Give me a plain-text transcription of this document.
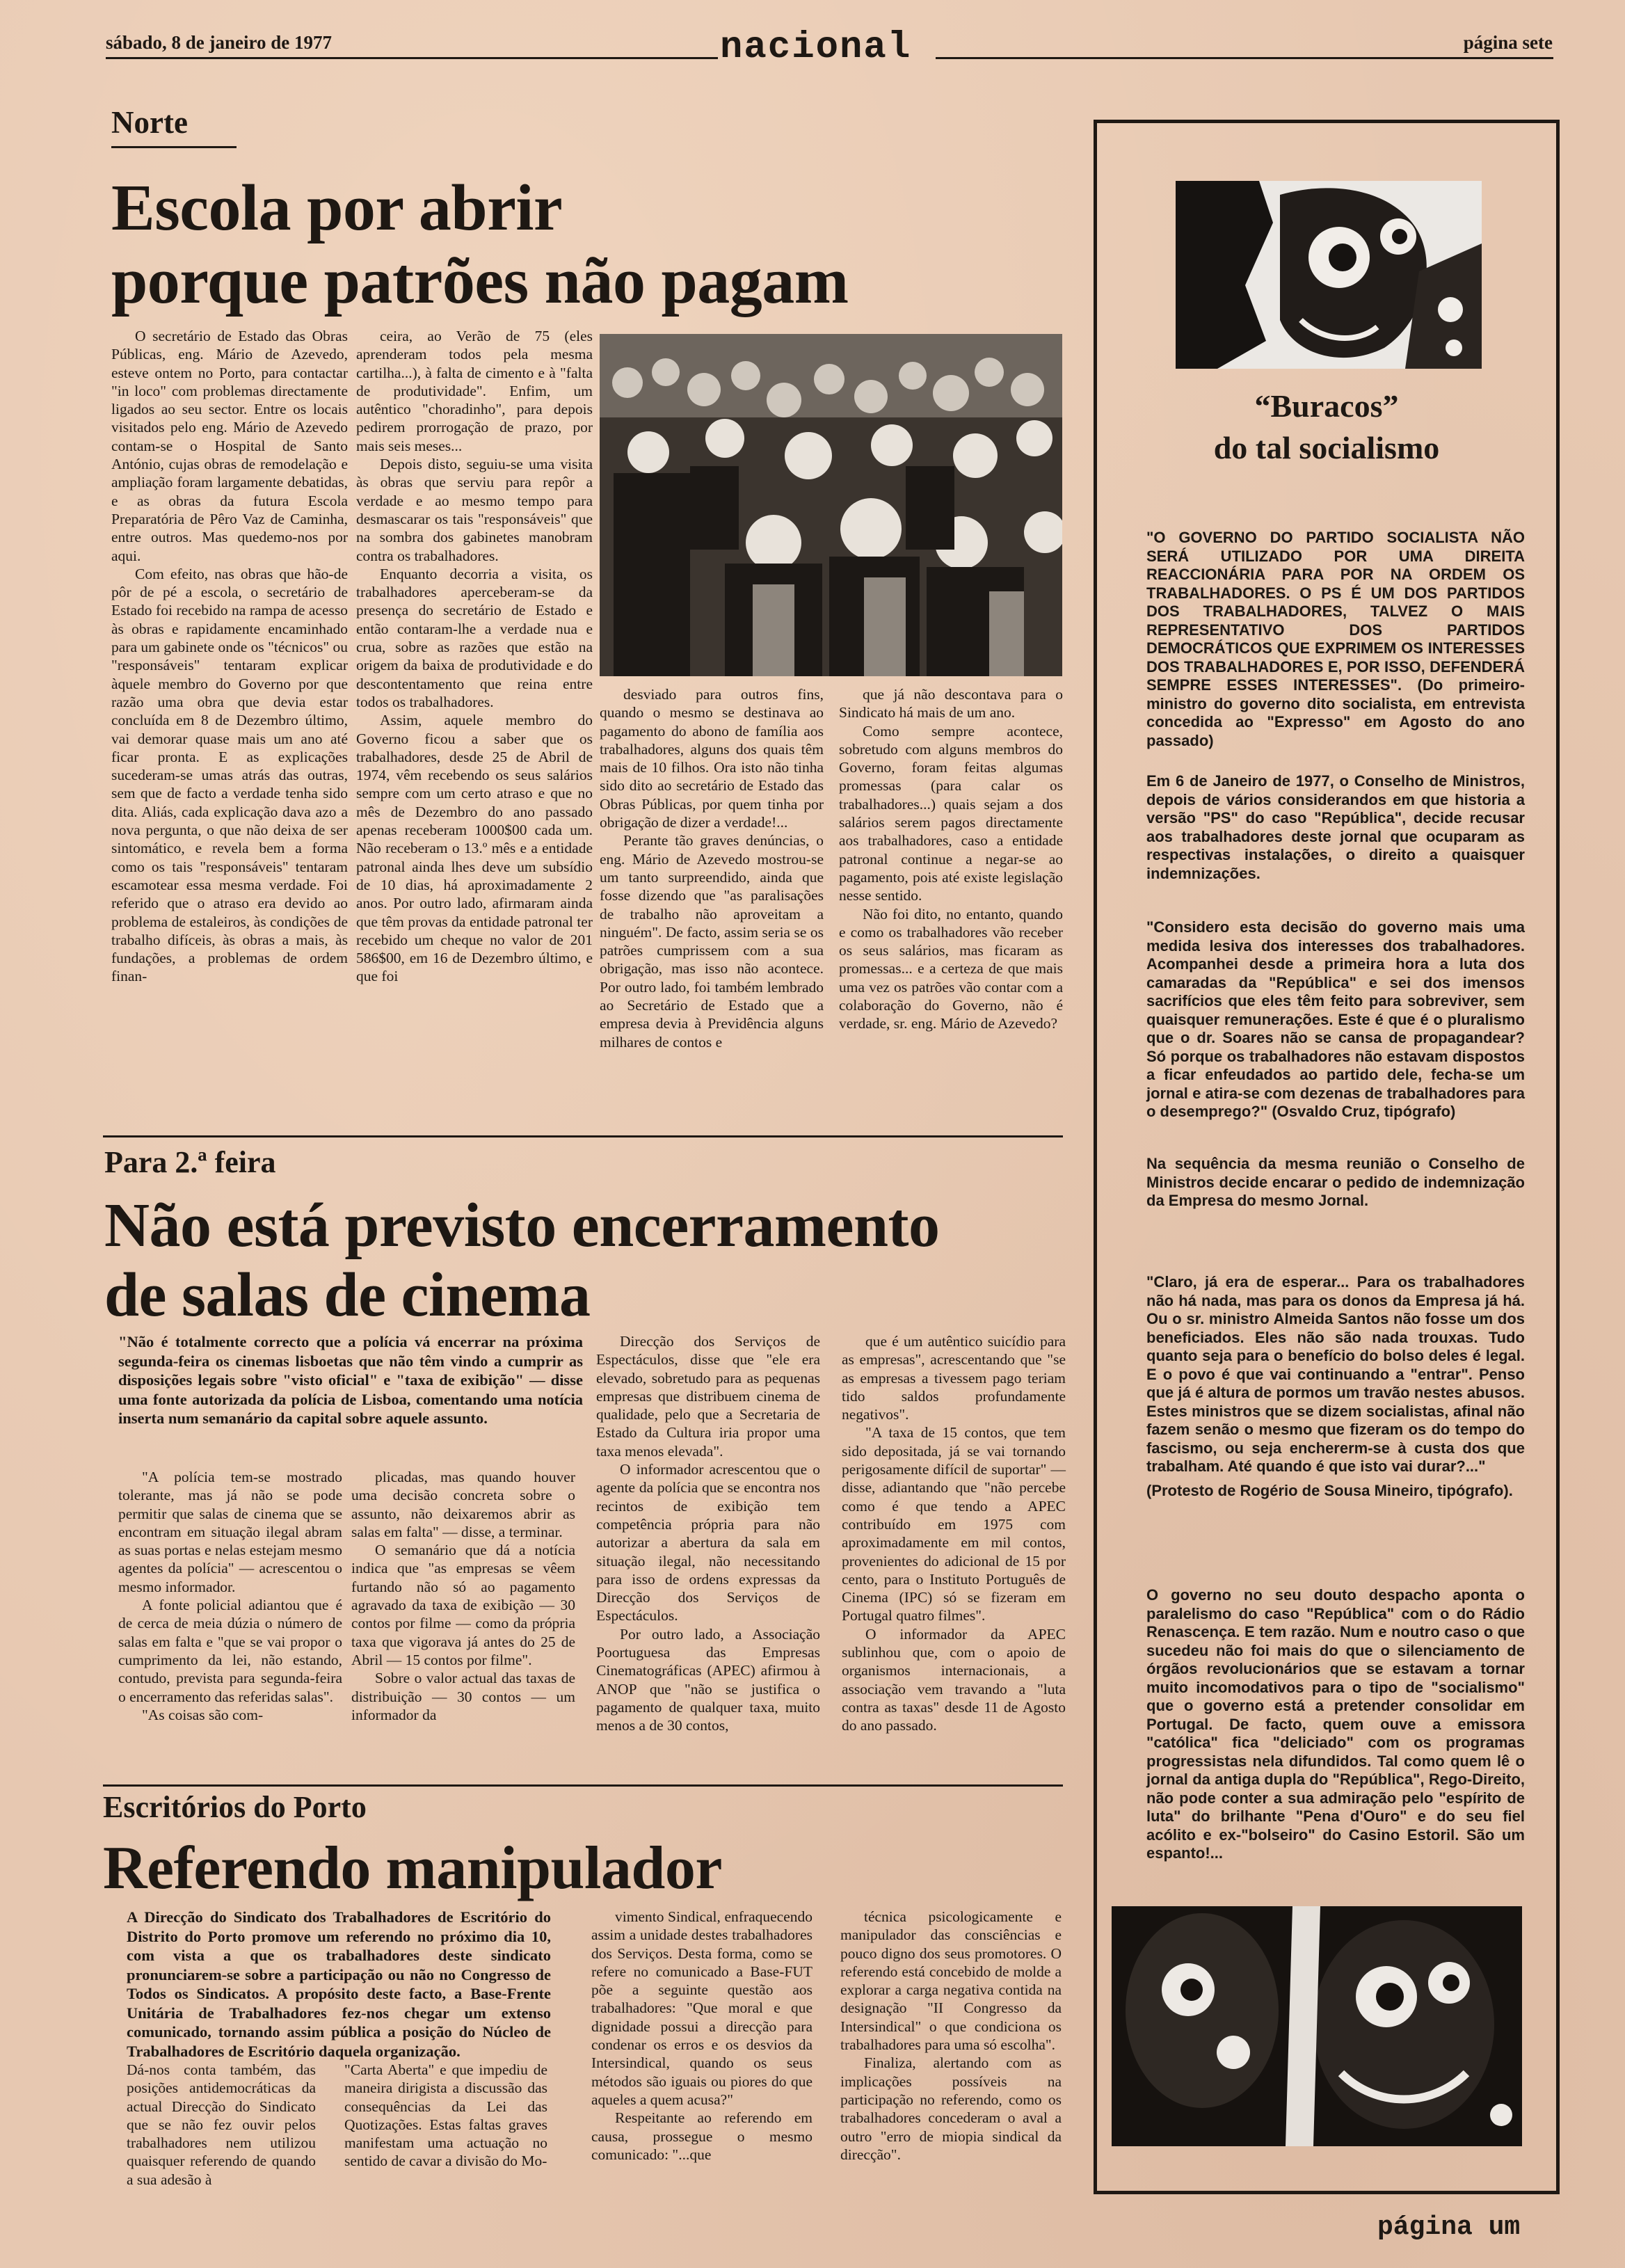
sábado, 8 de janeiro de 1977	nacional	página sete
Norte
Escola por abrir
porque patrões não pagam

O secretário de Estado das Obras Públicas, eng. Mário de Azevedo, esteve ontem no Porto, para contactar "in loco" com problemas directamente ligados ao seu sector. Entre os locais visitados pelo eng. Mário de Azevedo contam-se o Hospital de Santo António, cujas obras de remodelação e ampliação foram largamente debatidas, e as obras da futura Escola Preparatória de Pêro Vaz de Caminha, entre outros. Mas quedemo-nos por aqui.

Com efeito, nas obras que hão-de pôr de pé a escola, o secretário de Estado foi recebido na rampa de acesso às obras e rapidamente encaminhado para um gabinete onde os "técnicos" ou "responsáveis" tentaram explicar àquele membro do Governo por que razão uma obra que devia estar concluída em 8 de Dezembro último, vai demorar quase mais um ano até ficar pronta. E as explicações sucederam-se umas atrás das outras, sem que de facto a verdade tenha sido dita. Aliás, cada explicação dava azo a nova pergunta, o que não deixa de ser sintomático, e revela bem a forma como os tais "responsáveis" tentaram escamotear essa mesma verdade. Foi referido que o atraso era devido ao problema de estaleiros, às condições de trabalho difíceis, às obras a mais, às fundações, a problemas de ordem finan-

ceira, ao Verão de 75 (eles aprenderam todos pela mesma cartilha...), à falta de cimento e à "falta de produtividade". Enfim, um autêntico "choradinho", para depois pedirem prorrogação de prazo, por mais seis meses...

Depois disto, seguiu-se uma visita às obras que serviu para repôr a verdade e ao mesmo tempo para desmascarar os tais "responsáveis" que na sombra dos gabinetes manobram contra os trabalhadores.

Enquanto decorria a visita, os trabalhadores aperceberam-se da presença do secretário de Estado e então contaram-lhe a verdade nua e crua, sobre as razões que estão na origem da baixa de produtividade e do descontentamento que reina entre todos os trabalhadores.

Assim, aquele membro do Governo ficou a saber que os trabalhadores, desde 25 de Abril de 1974, vêm recebendo os seus salários sempre com um certo atraso e que no mês de Dezembro do ano passado apenas receberam 1000$00 cada um. Não receberam o 13.º mês e a entidade patronal ainda lhes deve um subsídio de 10 dias, há aproximadamente 2 anos. Por outro lado, afirmaram ainda que têm provas da entidade patronal ter recebido um cheque no valor de 201 586$00, em 16 de Dezembro último, e que foi

desviado para outros fins, quando o mesmo se destinava ao pagamento do abono de família aos trabalhadores, alguns dos quais têm mais de 10 filhos. Ora isto não tinha sido dito ao secretário de Estado das Obras Públicas, por quem tinha por obrigação de dizer a verdade!...

Perante tão graves denúncias, o eng. Mário de Azevedo mostrou-se um tanto surpreendido, ainda que fosse dizendo que "as paralisações de trabalho não aproveitam a ninguém". De facto, assim seria se os patrões cumprissem com a sua obrigação, mas isso não acontece. Por outro lado, foi também lembrado ao Secretário de Estado que a empresa devia à Previdência alguns milhares de contos e

que já não descontava para o Sindicato há mais de um ano.

Como sempre acontece, sobretudo com alguns membros do Governo, foram feitas algumas promessas (para calar os trabalhadores...) quais sejam a dos salários serem pagos directamente aos trabalhadores, caso a entidade patronal continue a negar-se ao pagamento, pois até existe legislação nesse sentido.

Não foi dito, no entanto, quando e como os trabalhadores vão receber os seus salários, mas ficaram as promessas... e a certeza de que mais uma vez os patrões vão contar com a colaboração do Governo, não é verdade, sr. eng. Mário de Azevedo?

Para 2.ª feira
Não está previsto encerramento
de salas de cinema
"Não é totalmente correcto que a polícia vá encerrar na próxima segunda-feira os cinemas lisboetas que não têm vindo a cumprir as disposições legais sobre "visto oficial" e "taxa de exibição" — disse uma fonte autorizada da polícia de Lisboa, comentando uma notícia inserta num semanário da capital sobre aquele assunto.

"A polícia tem-se mostrado tolerante, mas já não se pode permitir que salas de cinema que se encontram em situação ilegal abram as suas portas e nelas estejam mesmo agentes da polícia" — acrescentou o mesmo informador.

A fonte policial adiantou que é de cerca de meia dúzia o número de salas em falta e "que se vai propor o cumprimento da lei, não estando, contudo, prevista para segunda-feira o encerramento das referidas salas".

"As coisas são com-

plicadas, mas quando houver uma decisão concreta sobre o assunto, não deixaremos abrir as salas em falta" — disse, a terminar.

O semanário que dá a notícia indica que "as empresas se vêem furtando não só ao pagamento agravado da taxa de exibição — 30 contos por filme — como da própria taxa que vigorava já antes do 25 de Abril — 15 contos por filme".

Sobre o valor actual das taxas de distribuição — 30 contos — um informador da

Direcção dos Serviços de Espectáculos, disse que "ele era elevado, sobretudo para as pequenas empresas que distribuem cinema de qualidade, pelo que a Secretaria de Estado da Cultura iria propor uma taxa menos elevada".

O informador acrescentou que o agente da polícia que se encontra nos recintos de exibição tem competência própria para não autorizar a abertura da sala em situação ilegal, não necessitando para isso de ordens expressas da Direcção dos Serviços de Espectáculos.

Por outro lado, a Associação Poortuguesa das Empresas Cinematográficas (APEC) afirmou à ANOP que "não se justifica o pagamento de qualquer taxa, muito menos a de 30 contos,

que é um autêntico suicídio para as empresas", acrescentando que "se as empresas a tivessem pago teriam tido saldos profundamente negativos".

"A taxa de 15 contos, que tem sido depositada, já se vai tornando perigosamente difícil de suportar" — disse, adiantando que "não percebe como é que tendo a APEC contribuído em 1975 com aproximadamente em mil contos, provenientes do adicional de 15 por cento, para o Instituto Português de Cinema (IPC) só se fizeram em Portugal quatro filmes".

O informador da APEC sublinhou que, com o apoio de organismos internacionais, a associação vem travando a "luta contra as taxas" desde 11 de Agosto do ano passado.

Escritórios do Porto
Referendo manipulador
A Direcção do Sindicato dos Trabalhadores de Escritório do Distrito do Porto promove um referendo no próximo dia 10, com vista a que os trabalhadores deste sindicato pronunciarem-se sobre a participação ou não no Congresso de Todos os Sindicatos. A propósito deste facto, a Base-Frente Unitária de Trabalhadores fez-nos chegar um extenso comunicado, tornando assim pública a posição do Núcleo de Trabalhadores de Escritório daquela organização.
Dá-nos conta também, das posições antidemocráticas da actual Direcção do Sindicato que se não fez ouvir pelos trabalhadores nem utilizou quaisquer referendo de quando a sua adesão à
"Carta Aberta" e que impediu de maneira dirigista a discussão das consequências da Lei das Quotizações. Estas faltas graves manifestam uma actuação no sentido de cavar a divisão do Mo-

vimento Sindical, enfraquecendo assim a unidade destes trabalhadores dos Serviços. Desta forma, como se refere no comunicado a Base-FUT põe a seguinte questão aos trabalhadores: "Que moral e que dignidade possui a direcção para condenar os erros e os desvios da Intersindical, quando os seus métodos são iguais ou piores do que aqueles a quem acusa?"

Respeitante ao referendo em causa, prossegue o mesmo comunicado: "...que

técnica psicologicamente e manipulador das consciências e pouco digno dos seus promotores. O referendo está concebido de molde a explorar a carga negativa contida na designação "II Congresso da Intersindical" o que condiciona os trabalhadores para uma só escolha".

Finaliza, alertando com as implicações possíveis na participação no referendo, como os trabalhadores concederam o aval a outro "erro de miopia sindical da direcção".

“Buracos”
do tal socialismo
"O GOVERNO DO PARTIDO SOCIALISTA NÃO SERÁ UTILIZADO POR UMA DIREITA REACCIONÁRIA PARA POR NA ORDEM OS TRABALHADORES. O PS É UM DOS PARTIDOS DOS TRABALHADORES, TALVEZ O MAIS REPRESENTATIVO DOS PARTIDOS DEMOCRÁTICOS QUE EXPRIMEM OS INTERESSES DOS TRABALHADORES E, POR ISSO, DEFENDERÁ SEMPRE ESSES INTERESSES". (Do primeiro-ministro do governo dito socialista, em entrevista concedida ao "Expresso" em Agosto do ano passado)
Em 6 de Janeiro de 1977, o Conselho de Ministros, depois de vários considerandos em que historia a versão "PS" do caso "República", decide recusar aos trabalhadores deste jornal que ocuparam as respectivas instalações, o direito a quaisquer indemnizações.
"Considero esta decisão do governo mais uma medida lesiva dos interesses dos trabalhadores. Acompanhei desde a primeira hora a luta dos camaradas da "República" e sei dos imensos sacrifícios que eles têm feito para sobreviver, sem quaisquer remunerações. Este é que é o pluralismo que o dr. Soares não se cansa de propagandear? Só porque os trabalhadores não estavam dispostos a ficar enfeudados ao partido dele, fecha-se um jornal e atira-se com dezenas de trabalhadores para o desemprego?" (Osvaldo Cruz, tipógrafo)
Na sequência da mesma reunião o Conselho de Ministros decide encarar o pedido de indemnização da Empresa do mesmo Jornal.
"Claro, já era de esperar... Para os trabalhadores não há nada, mas para os donos da Empresa já há. Ou o sr. ministro Almeida Santos não fosse um dos beneficiados. Eles não são nada trouxas. Tudo quanto seja para o benefício do bolso deles é legal. E o povo é que vai continuando a "entrar". Penso que já é altura de pormos um travão nestes abusos. Estes ministros que se dizem socialistas, afinal não fazem senão o mesmo que fizeram os do tempo do fascismo, ou seja enchererm-se à custa dos que trabalham. Até quando é que isto vai durar?..."
(Protesto de Rogério de Sousa Mineiro, tipógrafo).
O governo no seu douto despacho aponta o paralelismo do caso "República" com o do Rádio Renascença. E tem razão. Num e noutro caso o que sucedeu não foi mais do que o silenciamento de órgãos revolucionários que se estavam a tornar muito incomodativos para o tipo de "socialismo" que o governo está a pretender consolidar em Portugal. De facto, quem ouve a emissora "católica" fica "deliciado" com os programas progressistas nela difundidos. Tal como quem lê o jornal da antiga dupla do "República", Rego-Direito, não pode conter a sua admiração pelo "espírito de luta" do brilhante "Pena d'Ouro" e do seu fiel acólito e ex-"bolseiro" do Casino Estoril. São um espanto!...
página um
